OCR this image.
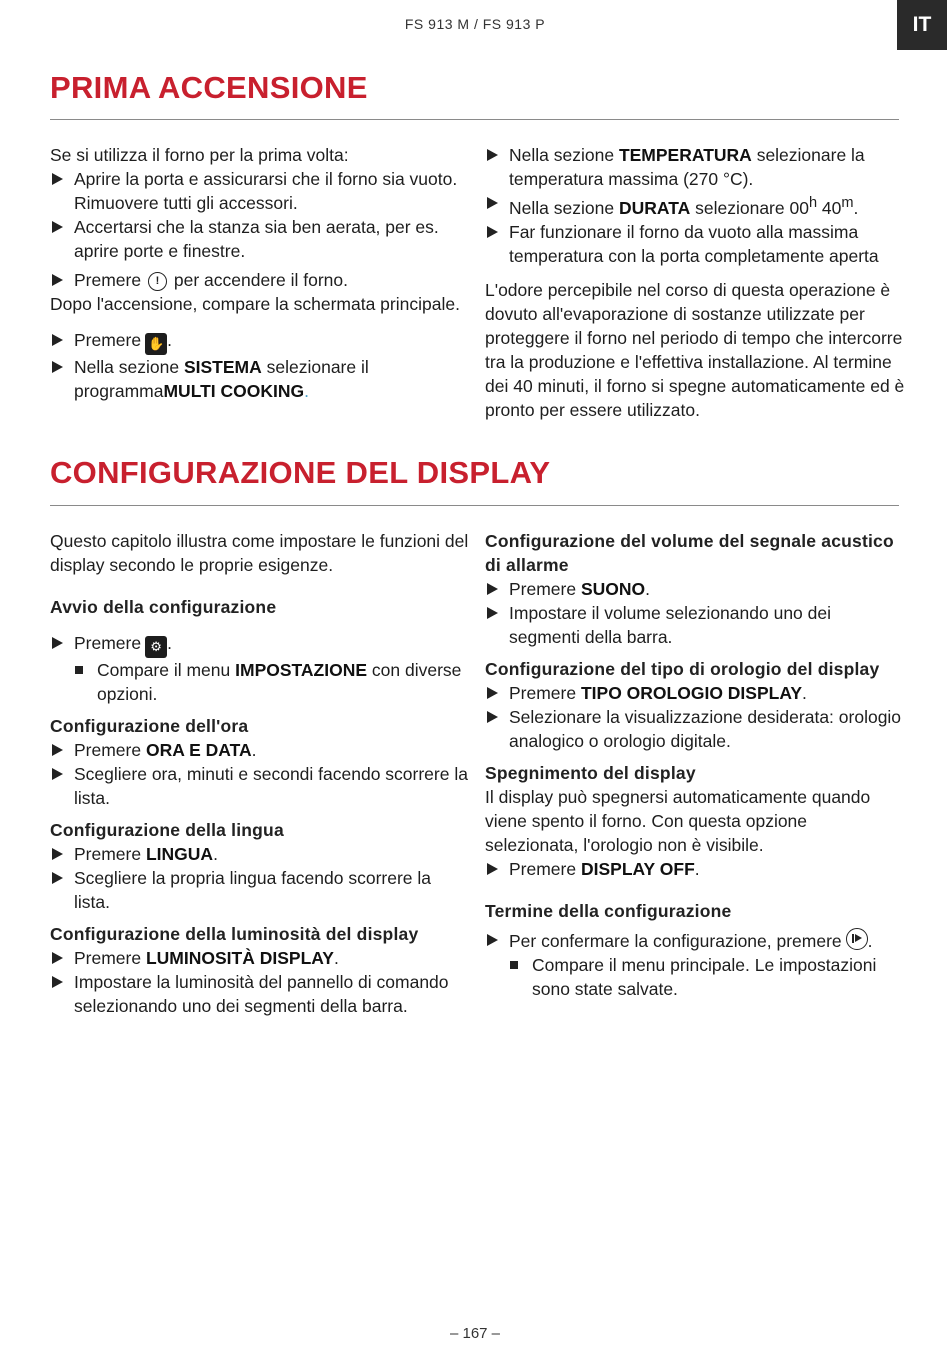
FS 913 M / FS 913 P	IT
PRIMA ACCENSIONE

Se si utilizza il forno per la prima volta:

Aprire la porta e assicurarsi che il forno sia vuoto. Rimuovere tutti gli accessori.
Accertarsi che la stanza sia ben aerata, per es. aprire porte e finestre.
Premere ! per accendere il forno.

Dopo l'accensione, compare la schermata principale.

Premere ✋ .
Nella sezione SISTEMA selezionare il programmaMULTI COOKING.
Nella sezione TEMPERATURA selezionare la temperatura massima (270 °C).
Nella sezione DURATA selezionare 00$^h$ 40$^m$.
Far funzionare il forno da vuoto alla massima temperatura con la porta completamente aperta

L'odore percepibile nel corso di questa operazione è dovuto all'evaporazione di sostanze utilizzate per proteggere il forno nel periodo di tempo che intercorre tra la produzione e l'effettiva installazione. Al termine dei 40 minuti, il forno si spegne automaticamente ed è pronto per essere utilizzato.

CONFIGURAZIONE DEL DISPLAY

Questo capitolo illustra come impostare le funzioni del display secondo le proprie esigenze.

Avvio della configurazione

Premere ⚙ .
Compare il menu IMPOSTAZIONE con diverse opzioni.

Configurazione dell'ora

Premere ORA E DATA.
Scegliere ora, minuti e secondi facendo scorrere la lista.

Configurazione della lingua

Premere LINGUA.
Scegliere la propria lingua facendo scorrere la lista.

Configurazione della luminosità del display

Premere LUMINOSITÀ DISPLAY.
Impostare la luminosità del pannello di comando selezionando uno dei segmenti della barra.

Configurazione del volume del segnale acustico di allarme

Premere SUONO.
Impostare il volume selezionando uno dei segmenti della barra.

Configurazione del tipo di orologio del display

Premere TIPO OROLOGIO DISPLAY.
Selezionare la visualizzazione desiderata: orologio analogico o orologio digitale.

Spegnimento del display

Il display può spegnersi automaticamente quando viene spento il forno. Con questa opzione selezionata, l'orologio non è visibile.

Premere DISPLAY OFF.

Termine della configurazione

Per confermare la configurazione, premere .
Compare il menu principale. Le impostazioni sono state salvate.
– 167 –
